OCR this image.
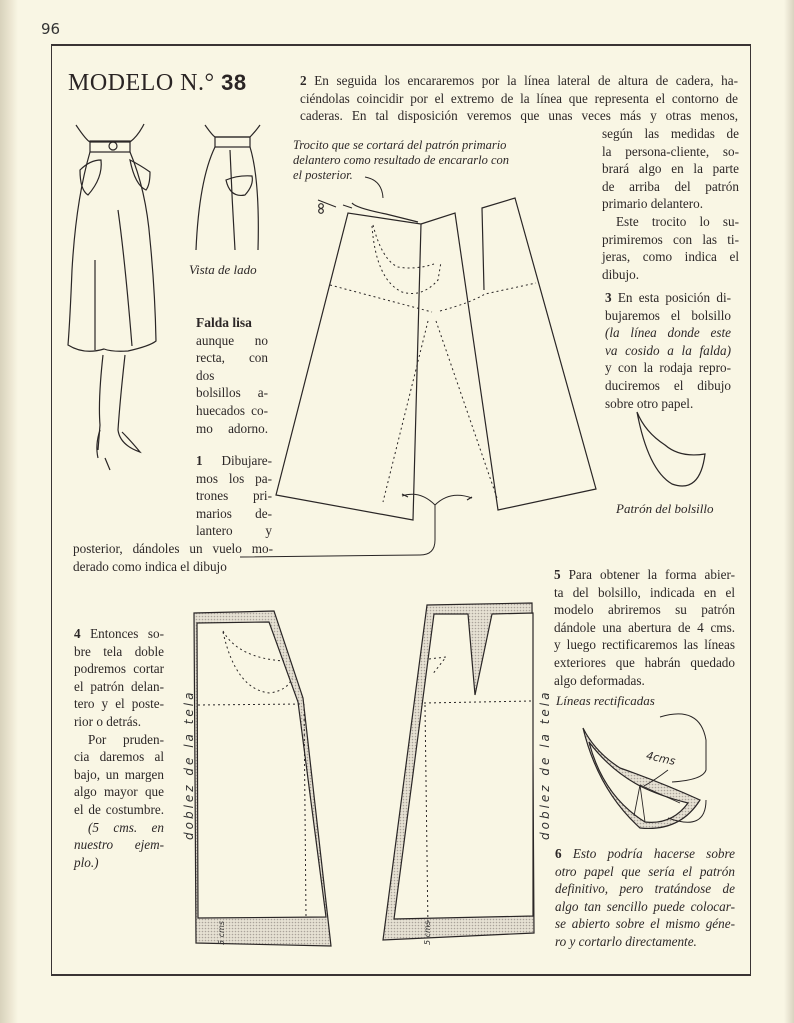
96
MODELO N.° 38	2 En seguida los encararemos por la línea lateral de altura de cadera, ha-
ciéndolas coincidir por el extremo de la línea que representa el contorno de
caderas. En tal disposición veremos que unas veces más y otras menos,
según las medidas de
la persona-cliente, so-
brará algo en la parte
de arriba del patrón
primario delantero.
Este trocito lo su-
primiremos con las ti-
jeras, como indica el
dibujo.
Trocito que se cortará del patrón primario
delantero como resultado de encararlo con
el posterior.
Vista de lado
Falda lisa
aunque no
recta, con dos
bolsillos a-
huecados co-
mo adorno.
1 Dibujare-
mos los pa-
trones pri-
marios de-
lantero y
posterior, dándoles un vuelo mo-
derado como indica el dibujo
3 En esta posición di-
bujaremos el bolsillo
(la línea donde este
va cosido a la falda)
y con la rodaja repro-
duciremos el dibujo
sobre otro papel.
Patrón del bolsillo
4 Entonces so-
bre tela doble
podremos cortar
el patrón delan-
tero y el poste-
rior o detrás.
Por pruden-
cia daremos al
bajo, un margen
algo mayor que
el de costumbre.
(5 cms. en
nuestro ejem-
plo.)
doblez de la tela	doblez de la tela
5 cms	5 cms
5 Para obtener la forma abier-
ta del bolsillo, indicada en el
modelo abriremos su patrón
dándole una abertura de 4 cms.
y luego rectificaremos las líneas
exteriores que habrán quedado
algo deformadas.
Líneas rectificadas
4cms
6 Esto podría hacerse sobre
otro papel que sería el patrón
definitivo, pero tratándose de
algo tan sencillo puede colocar-
se abierto sobre el mismo géne-
ro y cortarlo directamente.
